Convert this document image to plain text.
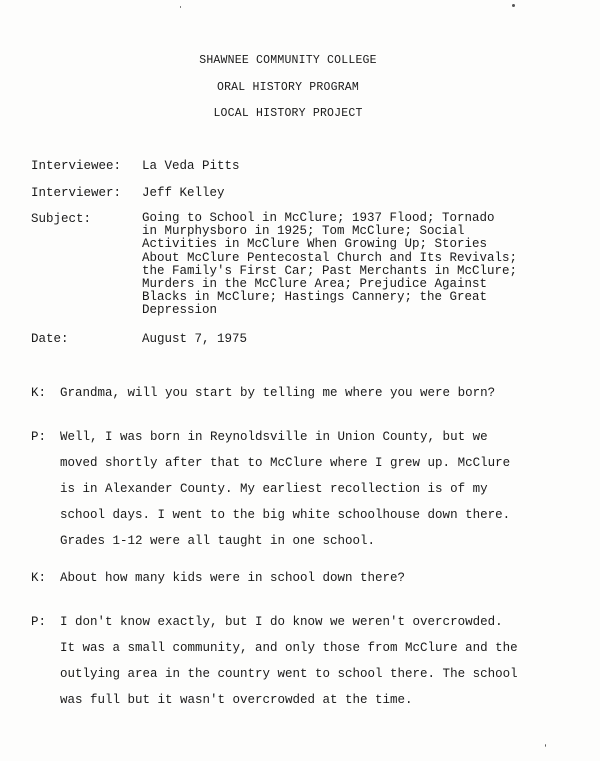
SHAWNEE COMMUNITY COLLEGE
ORAL HISTORY PROGRAM
LOCAL HISTORY PROJECT
Interviewee: La Veda Pitts
Interviewer: Jeff Kelley
Subject:	Going to School in McClure; 1937 Flood; Tornado
in Murphysboro in 1925; Tom McClure; Social
Activities in McClure When Growing Up; Stories
About McClure Pentecostal Church and Its Revivals;
the Family's First Car; Past Merchants in McClure;
Murders in the McClure Area; Prejudice Against
Blacks in McClure; Hastings Cannery; the Great
Depression
Date:	August 7, 1975
K: Grandma, will you start by telling me where you were born?
P: Well, I was born in Reynoldsville in Union County, but we
moved shortly after that to McClure where I grew up. McClure
is in Alexander County. My earliest recollection is of my
school days. I went to the big white schoolhouse down there.
Grades 1-12 were all taught in one school.
K: About how many kids were in school down there?
P: I don't know exactly, but I do know we weren't overcrowded.
It was a small community, and only those from McClure and the
outlying area in the country went to school there. The school
was full but it wasn't overcrowded at the time.
